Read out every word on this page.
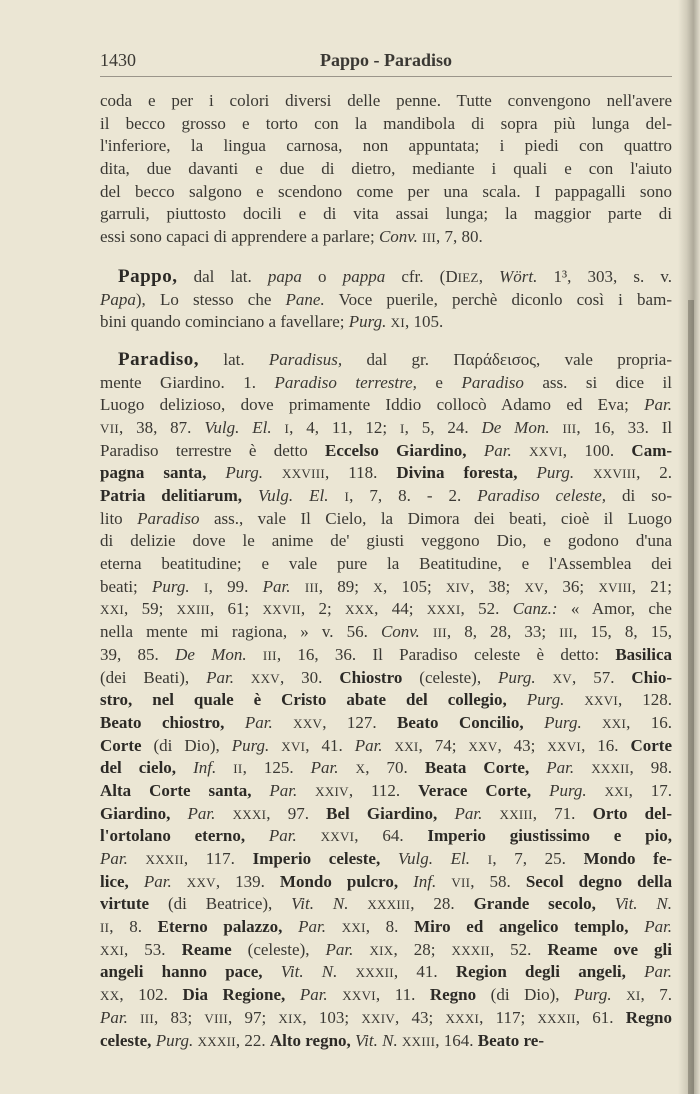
1430	Pappo - Paradiso
coda e per i colori diversi delle penne. Tutte convengono nell'avere
il becco grosso e torto con la mandibola di sopra più lunga del-
l'inferiore, la lingua carnosa, non appuntata; i piedi con quattro
dita, due davanti e due di dietro, mediante i quali e con l'aiuto
del becco salgono e scendono come per una scala. I pappagalli sono
garruli, piuttosto docili e di vita assai lunga; la maggior parte di
essi sono capaci di apprendere a parlare; Conv. III, 7, 80.
Pappo, dal lat. papa o pappa cfr. (DIEZ, Wört. 1³, 303, s. v.
Papa), Lo stesso che Pane. Voce puerile, perchè diconlo così i bam-
bini quando cominciano a favellare; Purg. XI, 105.
Paradiso, lat. Paradisus, dal gr. Παράδεισος, vale propria-
mente Giardino. 1. Paradiso terrestre, e Paradiso ass. si dice il
Luogo delizioso, dove primamente Iddio collocò Adamo ed Eva; Par.
VII, 38, 87. Vulg. El. I, 4, 11, 12; I, 5, 24. De Mon. III, 16, 33. Il
Paradiso terrestre è detto Eccelso Giardino, Par. XXVI, 100. Cam-
pagna santa, Purg. XXVIII, 118. Divina foresta, Purg. XXVIII, 2.
Patria delitiarum, Vulg. El. I, 7, 8. - 2. Paradiso celeste, di so-
lito Paradiso ass., vale Il Cielo, la Dimora dei beati, cioè il Luogo
di delizie dove le anime de' giusti veggono Dio, e godono d'una
eterna beatitudine; e vale pure la Beatitudine, e l'Assemblea dei
beati; Purg. I, 99. Par. III, 89; X, 105; XIV, 38; XV, 36; XVIII, 21;
XXI, 59; XXIII, 61; XXVII, 2; XXX, 44; XXXI, 52. Canz.: « Amor, che
nella mente mi ragiona, » v. 56. Conv. III, 8, 28, 33; III, 15, 8, 15,
39, 85. De Mon. III, 16, 36. Il Paradiso celeste è detto: Basilica
(dei Beati), Par. XXV, 30. Chiostro (celeste), Purg. XV, 57. Chio-
stro, nel quale è Cristo abate del collegio, Purg. XXVI, 128.
Beato chiostro, Par. XXV, 127. Beato Concilio, Purg. XXI, 16.
Corte (di Dio), Purg. XVI, 41. Par. XXI, 74; XXV, 43; XXVI, 16. Corte
del cielo, Inf. II, 125. Par. X, 70. Beata Corte, Par. XXXII, 98.
Alta Corte santa, Par. XXIV, 112. Verace Corte, Purg. XXI, 17.
Giardino, Par. XXXI, 97. Bel Giardino, Par. XXIII, 71. Orto del-
l'ortolano eterno, Par. XXVI, 64. Imperio giustissimo e pio,
Par. XXXII, 117. Imperio celeste, Vulg. El. I, 7, 25. Mondo fe-
lice, Par. XXV, 139. Mondo pulcro, Inf. VII, 58. Secol degno della
virtute (di Beatrice), Vit. N. XXXIII, 28. Grande secolo, Vit. N.
II, 8. Eterno palazzo, Par. XXI, 8. Miro ed angelico templo, Par.
XXI, 53. Reame (celeste), Par. XIX, 28; XXXII, 52. Reame ove gli
angeli hanno pace, Vit. N. XXXII, 41. Region degli angeli, Par.
XX, 102. Dia Regione, Par. XXVI, 11. Regno (di Dio), Purg. XI, 7.
Par. III, 83; VIII, 97; XIX, 103; XXIV, 43; XXXI, 117; XXXII, 61. Regno
celeste, Purg. XXXII, 22. Alto regno, Vit. N. XXIII, 164. Beato re-
